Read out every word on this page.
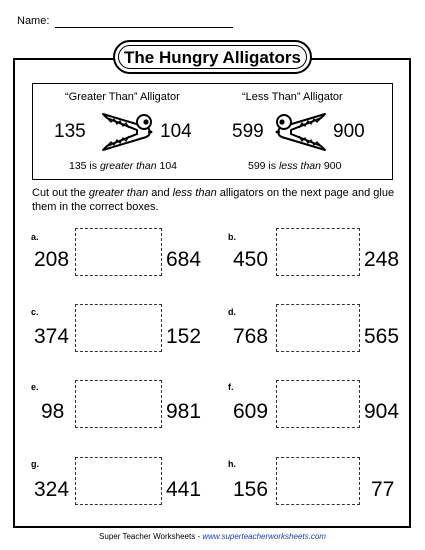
Name:
The Hungry Alligators
“Greater Than” Alligator	“Less Than” Alligator
135	104 599	900
135 is greater than 104	599 is less than 900
Cut out the greater than and less than alligators on the next page and glue them in the correct boxes.
a.
208	684
c.
374	152
e.
98	981
g.
324	441
b.
450	248
d.
768	565
f.
609	904
h.
156	77
Super Teacher Worksheets - www.superteacherworksheets.com
